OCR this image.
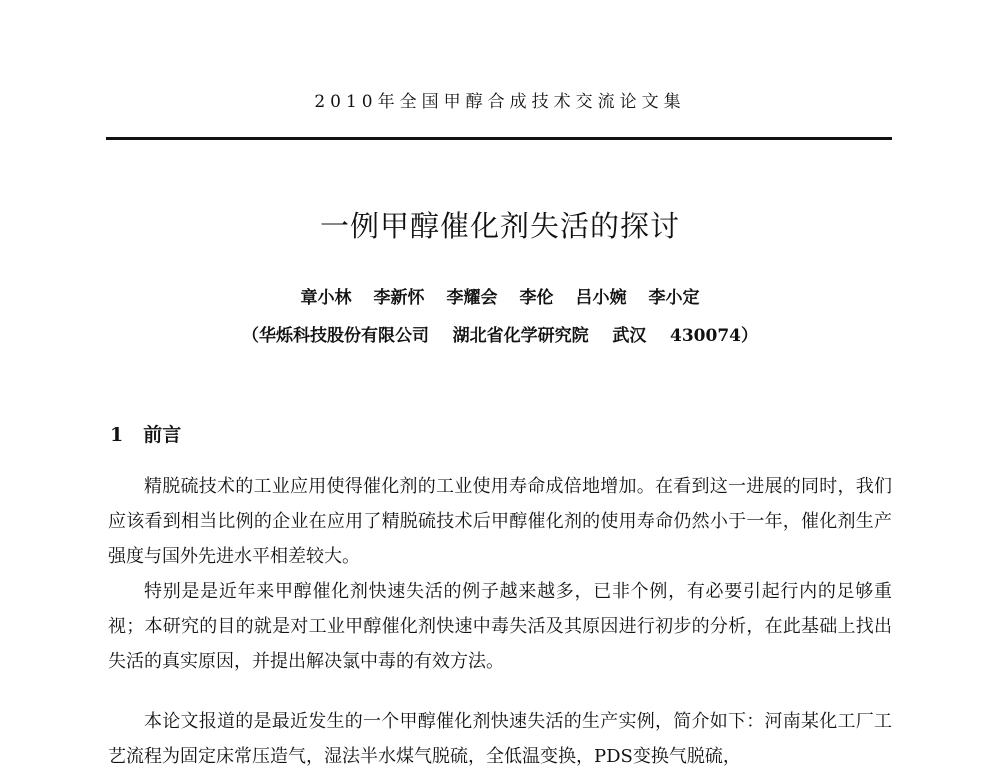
2010年全国甲醇合成技术交流论文集
一例甲醇催化剂失活的探讨
章小林 李新怀 李耀会 李伦 吕小婉 李小定
（华烁科技股份有限公司    湖北省化学研究院    武汉    430074）
1 前言

精脱硫技术的工业应用使得催化剂的工业使用寿命成倍地增加。在看到这一进展的同时，我们应该看到相当比例的企业在应用了精脱硫技术后甲醇催化剂的使用寿命仍然小于一年，催化剂生产强度与国外先进水平相差较大。

特别是是近年来甲醇催化剂快速失活的例子越来越多，已非个例，有必要引起行内的足够重视；本研究的目的就是对工业甲醇催化剂快速中毒失活及其原因进行初步的分析，在此基础上找出失活的真实原因，并提出解决氯中毒的有效方法。

本论文报道的是最近发生的一个甲醇催化剂快速失活的生产实例，简介如下：河南某化工厂工艺流程为固定床常压造气，湿法半水煤气脱硫，全低温变换，PDS变换气脱硫，
